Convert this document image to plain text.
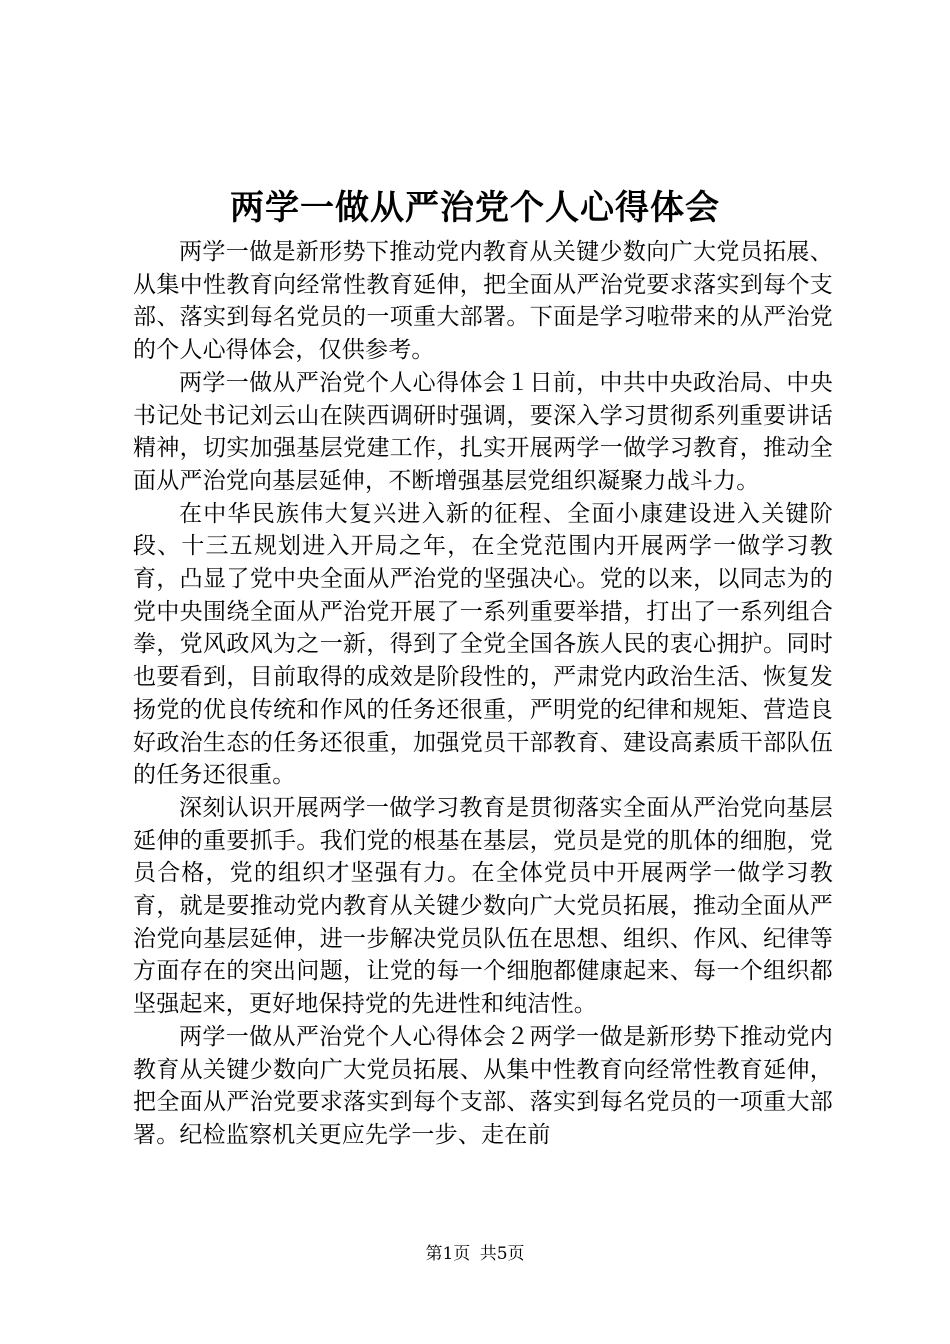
两学一做从严治党个人心得体会

两学一做是新形势下推动党内教育从关键少数向广大党员拓展、从集中性教育向经常性教育延伸，把全面从严治党要求落实到每个支部、落实到每名党员的一项重大部署。下面是学习啦带来的从严治党的个人心得体会，仅供参考。

两学一做从严治党个人心得体会１日前，中共中央政治局、中央书记处书记刘云山在陕西调研时强调，要深入学习贯彻系列重要讲话精神，切实加强基层党建工作，扎实开展两学一做学习教育，推动全面从严治党向基层延伸，不断增强基层党组织凝聚力战斗力。

在中华民族伟大复兴进入新的征程、全面小康建设进入关键阶段、十三五规划进入开局之年，在全党范围内开展两学一做学习教育，凸显了党中央全面从严治党的坚强决心。党的以来，以同志为的党中央围绕全面从严治党开展了一系列重要举措，打出了一系列组合拳，党风政风为之一新，得到了全党全国各族人民的衷心拥护。同时也要看到，目前取得的成效是阶段性的，严肃党内政治生活、恢复发扬党的优良传统和作风的任务还很重，严明党的纪律和规矩、营造良好政治生态的任务还很重，加强党员干部教育、建设高素质干部队伍的任务还很重。

深刻认识开展两学一做学习教育是贯彻落实全面从严治党向基层延伸的重要抓手。我们党的根基在基层，党员是党的肌体的细胞，党员合格，党的组织才坚强有力。在全体党员中开展两学一做学习教育，就是要推动党内教育从关键少数向广大党员拓展，推动全面从严治党向基层延伸，进一步解决党员队伍在思想、组织、作风、纪律等方面存在的突出问题，让党的每一个细胞都健康起来、每一个组织都坚强起来，更好地保持党的先进性和纯洁性。

两学一做从严治党个人心得体会２两学一做是新形势下推动党内教育从关键少数向广大党员拓展、从集中性教育向经常性教育延伸，把全面从严治党要求落实到每个支部、落实到每名党员的一项重大部署。纪检监察机关更应先学一步、走在前

第1页 共5页
